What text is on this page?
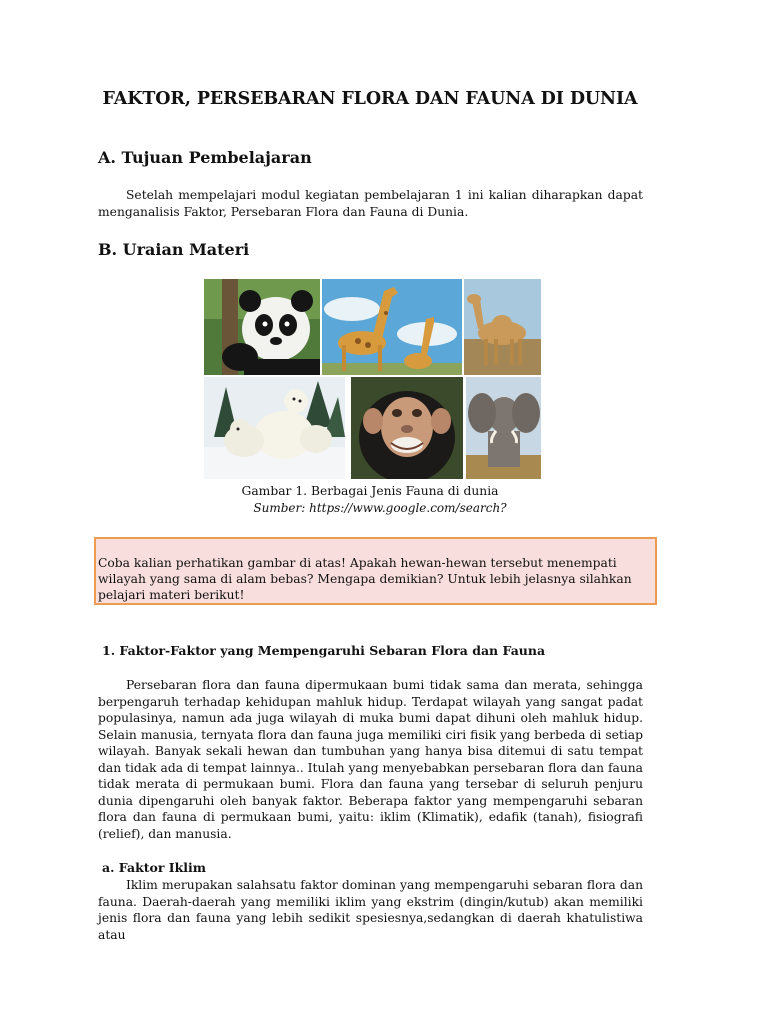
FAKTOR, PERSEBARAN FLORA DAN FAUNA DI DUNIA
A. Tujuan Pembelajaran
Setelah mempelajari modul kegiatan pembelajaran 1 ini kalian diharapkan dapat menganalisis Faktor, Persebaran Flora dan Fauna di Dunia.
B. Uraian Materi
Gambar 1. Berbagai Jenis Fauna di dunia
Sumber: https://www.google.com/search?
Coba kalian perhatikan gambar di atas! Apakah hewan-hewan tersebut menempati wilayah yang sama di alam bebas? Mengapa demikian? Untuk lebih jelasnya silahkan pelajari materi berikut!
1. Faktor-Faktor yang Mempengaruhi Sebaran Flora dan Fauna
Persebaran flora dan fauna dipermukaan bumi tidak sama dan merata, sehingga berpengaruh terhadap kehidupan mahluk hidup. Terdapat wilayah yang sangat padat populasinya, namun ada juga wilayah di muka bumi dapat dihuni oleh mahluk hidup. Selain manusia, ternyata flora dan fauna juga memiliki ciri fisik yang berbeda di setiap wilayah. Banyak sekali hewan dan tumbuhan yang hanya bisa ditemui di satu tempat dan tidak ada di tempat lainnya.. Itulah yang menyebabkan persebaran flora dan fauna tidak merata di permukaan bumi. Flora dan fauna yang tersebar di seluruh penjuru dunia dipengaruhi oleh banyak faktor. Beberapa faktor yang mempengaruhi sebaran flora dan fauna di permukaan bumi, yaitu: iklim (Klimatik), edafik (tanah), fisiografi (relief), dan manusia.
a. Faktor Iklim
Iklim merupakan salahsatu faktor dominan yang mempengaruhi sebaran flora dan fauna. Daerah-daerah yang memiliki iklim yang ekstrim (dingin/kutub) akan memiliki jenis flora dan fauna yang lebih sedikit spesiesnya,sedangkan di daerah khatulistiwa atau
